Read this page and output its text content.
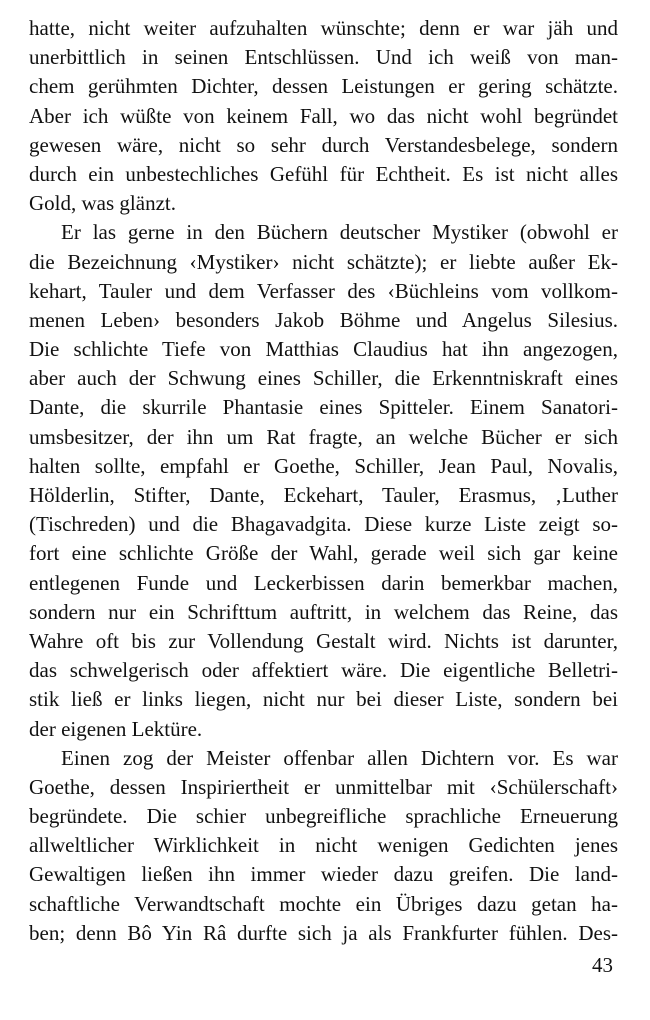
hatte, nicht weiter aufzuhalten wünschte; denn er war jäh und
unerbittlich in seinen Entschlüssen. Und ich weiß von man-
chem gerühmten Dichter, dessen Leistungen er gering schätzte.
Aber ich wüßte von keinem Fall, wo das nicht wohl begründet
gewesen wäre, nicht so sehr durch Verstandesbelege, sondern
durch ein unbestechliches Gefühl für Echtheit. Es ist nicht alles
Gold, was glänzt.
Er las gerne in den Büchern deutscher Mystiker (obwohl er
die Bezeichnung ‹Mystiker› nicht schätzte); er liebte außer Ek-
kehart, Tauler und dem Verfasser des ‹Büchleins vom vollkom-
menen Leben› besonders Jakob Böhme und Angelus Silesius.
Die schlichte Tiefe von Matthias Claudius hat ihn angezogen,
aber auch der Schwung eines Schiller, die Erkenntniskraft eines
Dante, die skurrile Phantasie eines Spitteler. Einem Sanatori-
umsbesitzer, der ihn um Rat fragte, an welche Bücher er sich
halten sollte, empfahl er Goethe, Schiller, Jean Paul, Novalis,
Hölderlin, Stifter, Dante, Eckehart, Tauler, Erasmus, ‚Luther
(Tischreden) und die Bhagavadgita. Diese kurze Liste zeigt so-
fort eine schlichte Größe der Wahl, gerade weil sich gar keine
entlegenen Funde und Leckerbissen darin bemerkbar machen,
sondern nur ein Schrifttum auftritt, in welchem das Reine, das
Wahre oft bis zur Vollendung Gestalt wird. Nichts ist darunter,
das schwelgerisch oder affektiert wäre. Die eigentliche Belletri-
stik ließ er links liegen, nicht nur bei dieser Liste, sondern bei
der eigenen Lektüre.
Einen zog der Meister offenbar allen Dichtern vor. Es war
Goethe, dessen Inspiriertheit er unmittelbar mit ‹Schülerschaft›
begründete. Die schier unbegreifliche sprachliche Erneuerung
allweltlicher Wirklichkeit in nicht wenigen Gedichten jenes
Gewaltigen ließen ihn immer wieder dazu greifen. Die land-
schaftliche Verwandtschaft mochte ein Übriges dazu getan ha-
ben; denn Bô Yin Râ durfte sich ja als Frankfurter fühlen. Des-
43
